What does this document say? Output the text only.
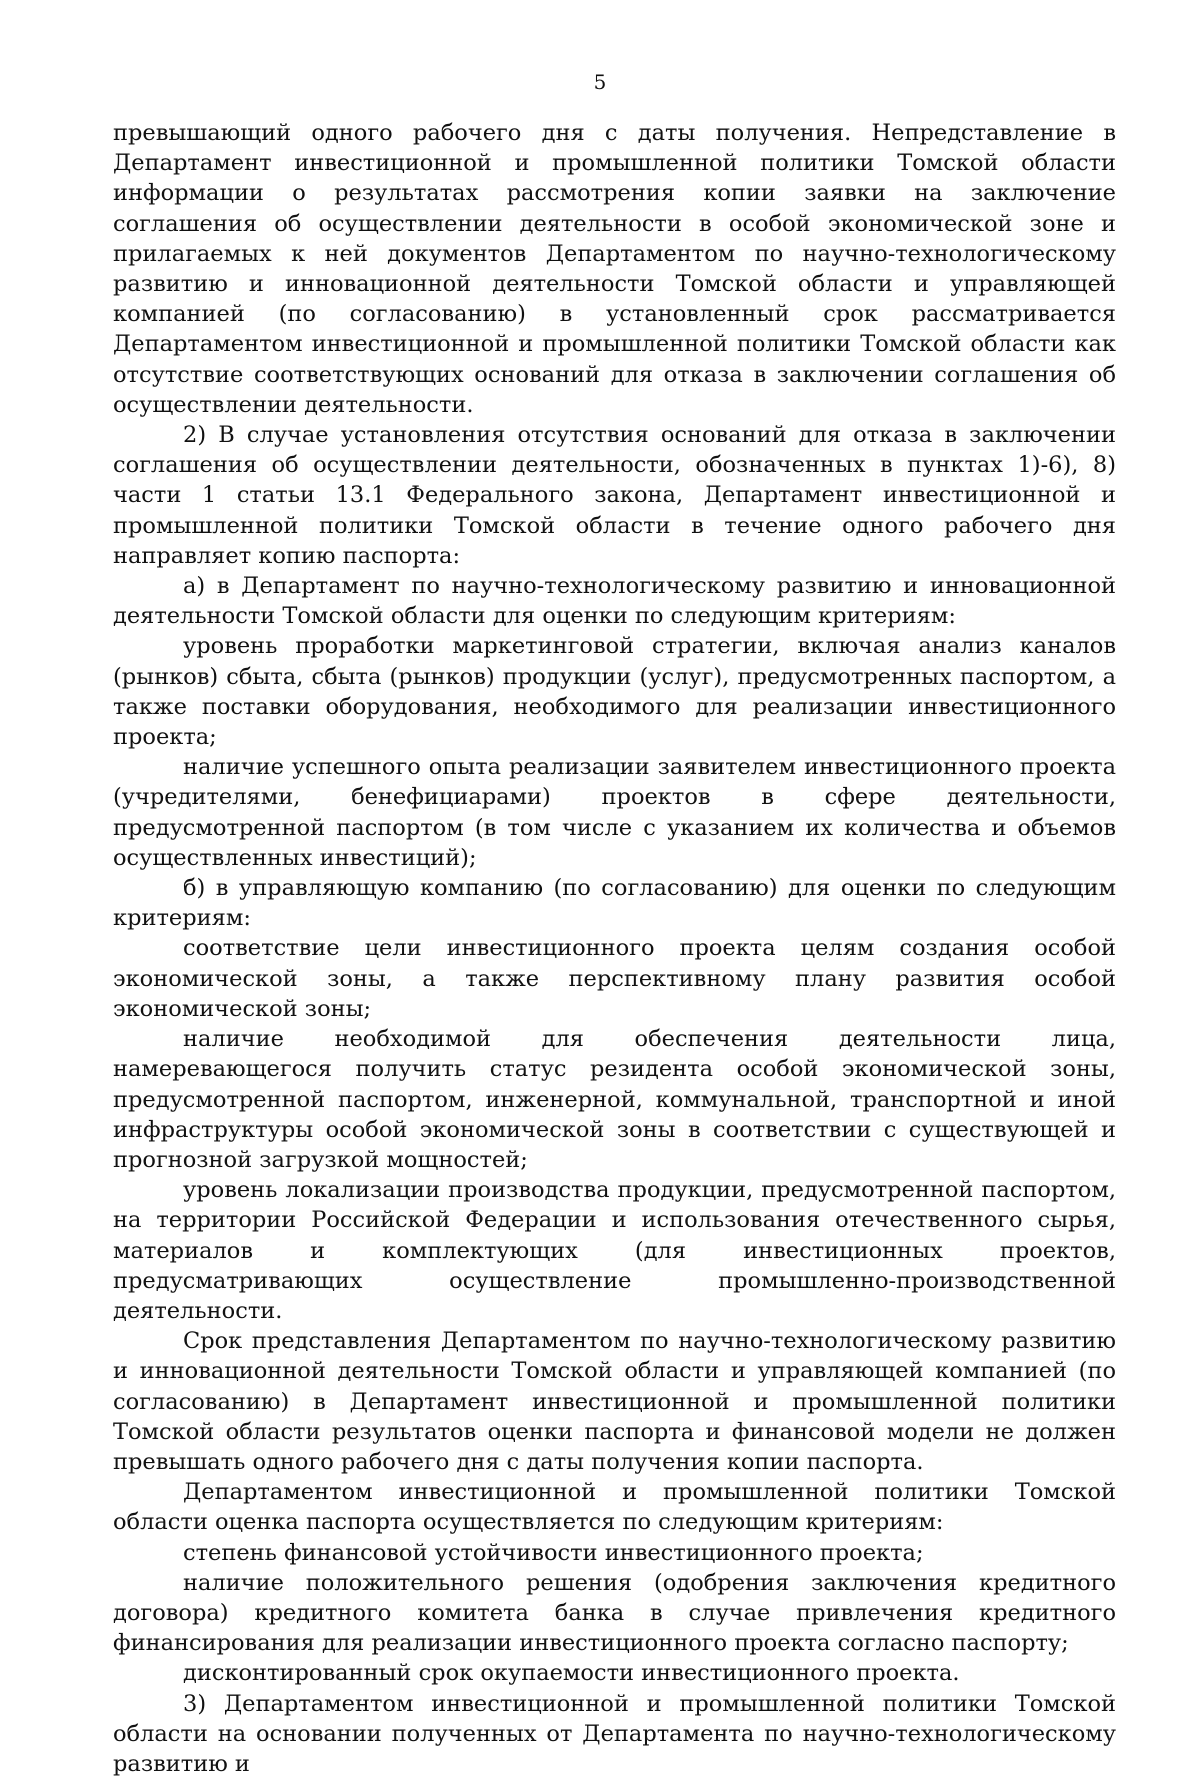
5

превышающий одного рабочего дня с даты получения. Непредставление в Департамент инвестиционной и промышленной политики Томской области информации о результатах рассмотрения копии заявки на заключение соглашения об осуществлении деятельности в особой экономической зоне и прилагаемых к ней документов Департаментом по научно-технологическому развитию и инновационной деятельности Томской области и управляющей компанией (по согласованию) в установленный срок рассматривается Департаментом инвестиционной и промышленной политики Томской области как отсутствие соответствующих оснований для отказа в заключении соглашения об осуществлении деятельности.

2) В случае установления отсутствия оснований для отказа в заключении соглашения об осуществлении деятельности, обозначенных в пунктах 1)-6), 8) части 1 статьи 13.1 Федерального закона, Департамент инвестиционной и промышленной политики Томской области в течение одного рабочего дня направляет копию паспорта:

а) в Департамент по научно-технологическому развитию и инновационной деятельности Томской области для оценки по следующим критериям:

уровень проработки маркетинговой стратегии, включая анализ каналов (рынков) сбыта, сбыта (рынков) продукции (услуг), предусмотренных паспортом, а также поставки оборудования, необходимого для реализации инвестиционного проекта;

наличие успешного опыта реализации заявителем инвестиционного проекта (учредителями, бенефициарами) проектов в сфере деятельности, предусмотренной паспортом (в том числе с указанием их количества и объемов осуществленных инвестиций);

б) в управляющую компанию (по согласованию) для оценки по следующим критериям:

соответствие цели инвестиционного проекта целям создания особой экономической зоны, а также перспективному плану развития особой экономической зоны;

наличие необходимой для обеспечения деятельности лица, намеревающегося получить статус резидента особой экономической зоны, предусмотренной паспортом, инженерной, коммунальной, транспортной и иной инфраструктуры особой экономической зоны в соответствии с существующей и прогнозной загрузкой мощностей;

уровень локализации производства продукции, предусмотренной паспортом, на территории Российской Федерации и использования отечественного сырья, материалов и комплектующих (для инвестиционных проектов, предусматривающих осуществление промышленно-производственной деятельности.

Срок представления Департаментом по научно-технологическому развитию и инновационной деятельности Томской области и управляющей компанией (по согласованию) в Департамент инвестиционной и промышленной политики Томской области результатов оценки паспорта и финансовой модели не должен превышать одного рабочего дня с даты получения копии паспорта.

Департаментом инвестиционной и промышленной политики Томской области оценка паспорта осуществляется по следующим критериям:

степень финансовой устойчивости инвестиционного проекта;

наличие положительного решения (одобрения заключения кредитного договора) кредитного комитета банка в случае привлечения кредитного финансирования для реализации инвестиционного проекта согласно паспорту;

дисконтированный срок окупаемости инвестиционного проекта.

3) Департаментом инвестиционной и промышленной политики Томской области на основании полученных от Департамента по научно-технологическому развитию и
